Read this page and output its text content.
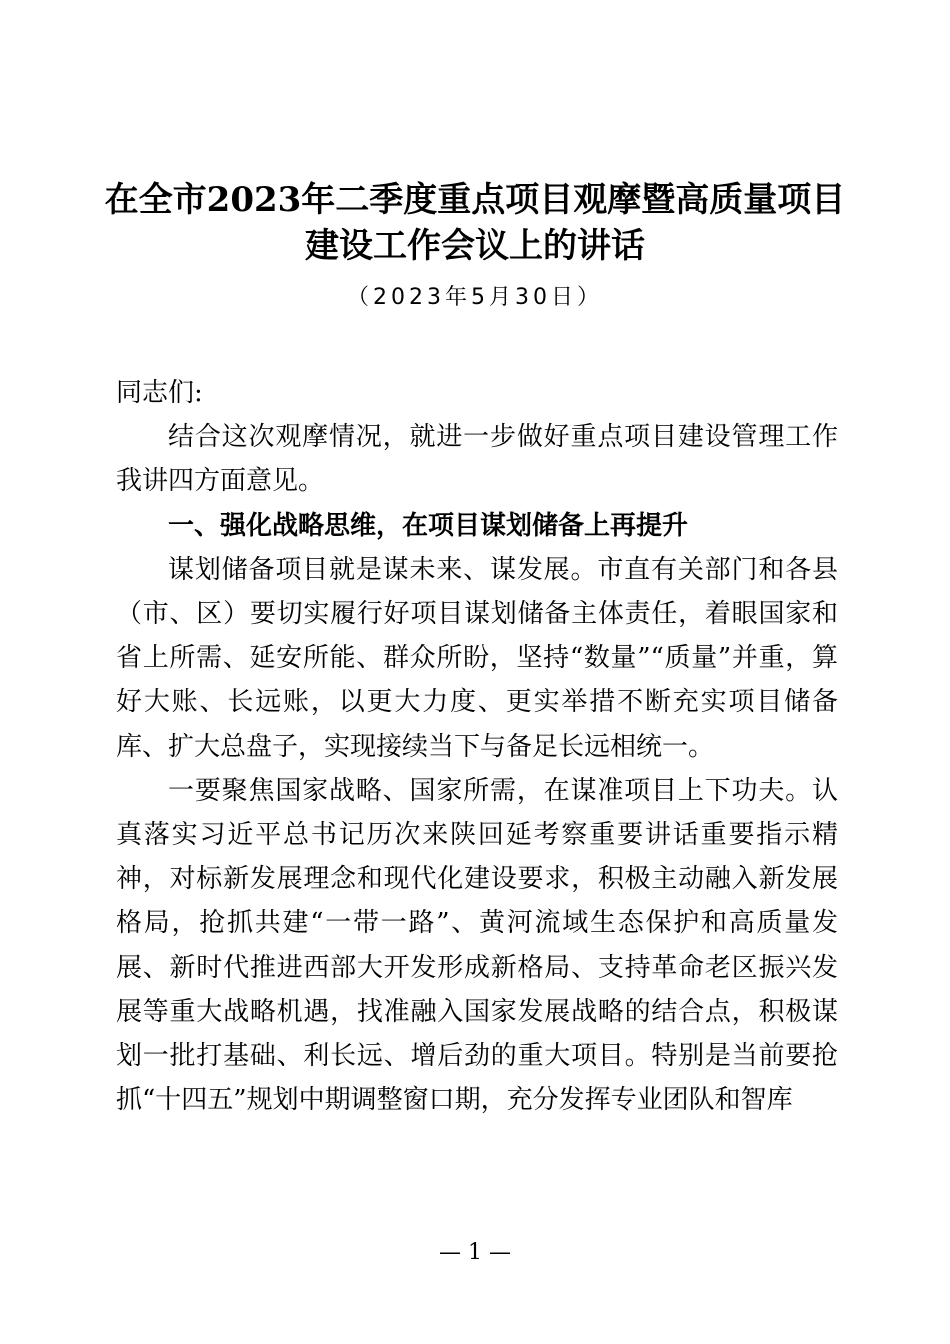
在全市2023年二季度重点项目观摩暨高质量项目
建设工作会议上的讲话
（2023年5月30日）

同志们:

结合这次观摩情况，就进一步做好重点项目建设管理工作我讲四方面意见。

一、强化战略思维，在项目谋划储备上再提升

谋划储备项目就是谋未来、谋发展。市直有关部门和各县（市、区）要切实履行好项目谋划储备主体责任，着眼国家和省上所需、延安所能、群众所盼，坚持“数量”“质量”并重，算好大账、长远账，以更大力度、更实举措不断充实项目储备库、扩大总盘子，实现接续当下与备足长远相统一。

一要聚焦国家战略、国家所需，在谋准项目上下功夫。认真落实习近平总书记历次来陕回延考察重要讲话重要指示精神，对标新发展理念和现代化建设要求，积极主动融入新发展格局，抢抓共建“一带一路”、黄河流域生态保护和高质量发展、新时代推进西部大开发形成新格局、支持革命老区振兴发展等重大战略机遇，找准融入国家发展战略的结合点，积极谋划一批打基础、利长远、增后劲的重大项目。特别是当前要抢抓“十四五”规划中期调整窗口期，充分发挥专业团队和智库

— 1 —
